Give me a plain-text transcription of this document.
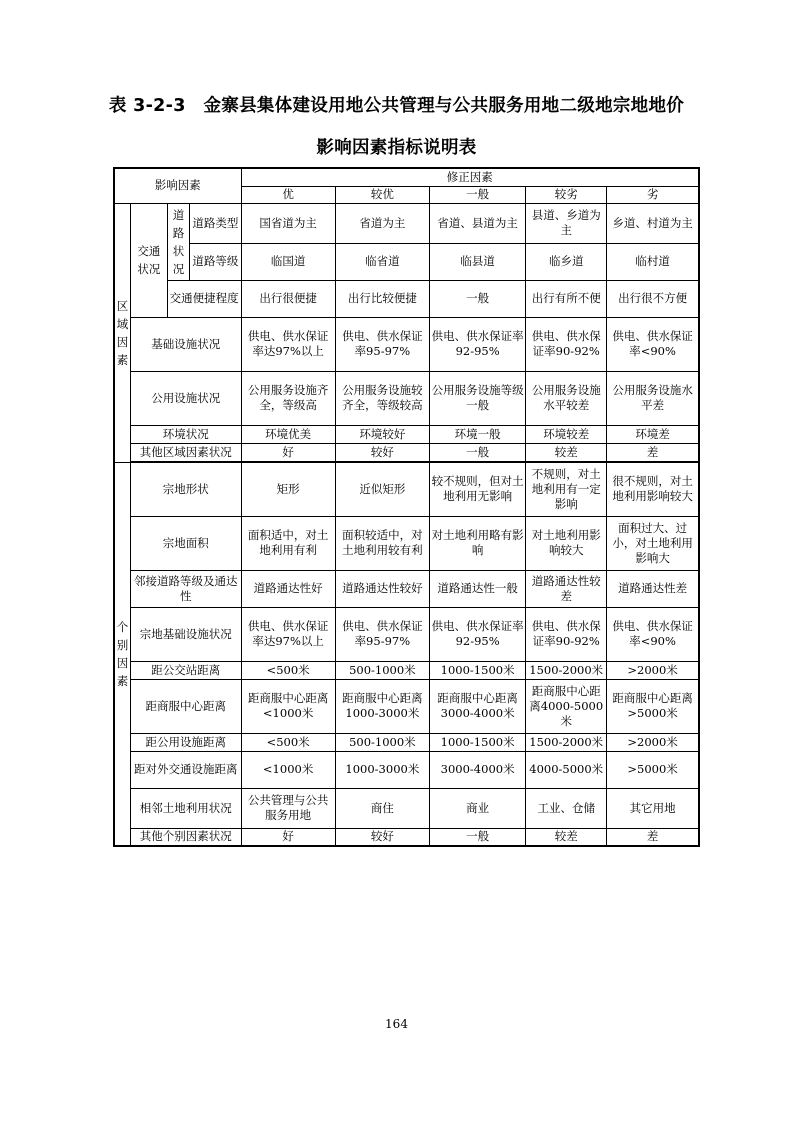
表 3-2-3　金寨县集体建设用地公共管理与公共服务用地二级地宗地地价
影响因素指标说明表
影响因素				修正因素				
				优	较优	一般	较劣	劣
区域因素	交通状况	道路状况	道路类型	国省道为主	省道为主	省道、县道为主	县道、乡道为主	乡道、村道为主
			道路等级	临国道	临省道	临县道	临乡道	临村道
		交通便捷程度		出行很便捷	出行比较便捷	一般	出行有所不便	出行很不方便
	基础设施状况			供电、供水保证率达97%以上	供电、供水保证率95-97%	供电、供水保证率92-95%	供电、供水保证率90-92%	供电、供水保证率<90%
	公用设施状况			公用服务设施齐全，等级高	公用服务设施较齐全，等级较高	公用服务设施等级一般	公用服务设施水平较差	公用服务设施水平差
	环境状况			环境优美	环境较好	环境一般	环境较差	环境差
	其他区域因素状况			好	较好	一般	较差	差

个别因素	宗地形状			矩形	近似矩形	较不规则，但对土地利用无影响	不规则，对土地利用有一定影响	很不规则，对土地利用影响较大
	宗地面积			面积适中，对土地利用有利	面积较适中，对土地利用较有利	对土地利用略有影响	对土地利用影响较大	面积过大、过小，对土地利用影响大
	邻接道路等级及通达性			道路通达性好	道路通达性较好	道路通达性一般	道路通达性较差	道路通达性差
	宗地基础设施状况			供电、供水保证率达97%以上	供电、供水保证率95-97%	供电、供水保证率92-95%	供电、供水保证率90-92%	供电、供水保证率<90%
	距公交站距离			<500米	500-1000米	1000-1500米	1500-2000米	>2000米
	距商服中心距离			距商服中心距离<1000米	距商服中心距离1000-3000米	距商服中心距离3000-4000米	距商服中心距离4000-5000米	距商服中心距离>5000米
	距公用设施距离			<500米	500-1000米	1000-1500米	1500-2000米	>2000米
	距对外交通设施距离			<1000米	1000-3000米	3000-4000米	4000-5000米	>5000米
	相邻土地利用状况			公共管理与公共服务用地	商住	商业	工业、仓储	其它用地
	其他个别因素状况			好	较好	一般	较差	差
164
